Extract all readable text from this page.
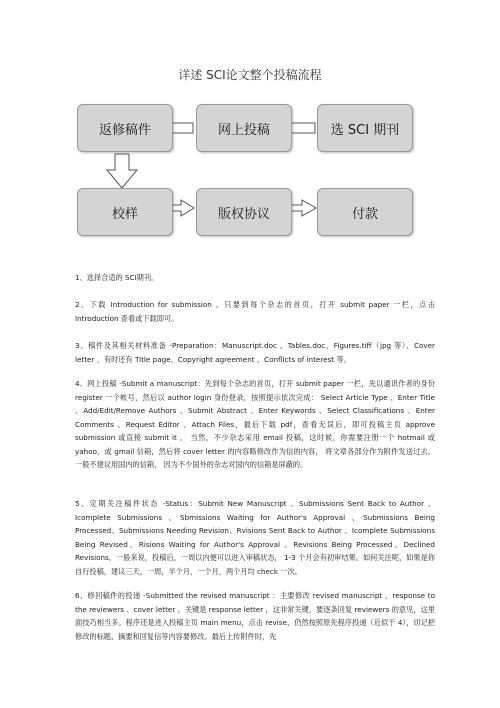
详述 SCI论文整个投稿流程
返修稿件	网上投稿	选 SCI 期刊
校样	版权协议	付款
1、选择合适的 SCI期刊。
2、下载 Introduction for submission 。只要到每个杂志的首页，打开 submit paper 一栏，点击 Introduction 查看或下载即可。
3、稿件及其相关材料准备 -Preparation：Manuscript.doc 、Tables.doc、Figures.tiff（jpg 等）、Cover letter ，有时还有 Title page、Copyright agreement 、Conflicts of interest 等。
4、网上投稿 -Submit a manuscript：先到每个杂志的首页，打开 submit paper 一栏，先以通讯作者的身份 register 一个帐号，然后以 author login 身份登录，按照提示依次完成： Select Article Type 、Enter Title 、Add/Edit/Remove Authors 、Submit Abstract 、Enter Keywords 、Select Classifications 、Enter Comments 、Request Editor 、Attach Files，最后下载 pdf，查看无误后，即可投稿主页 approve submission 或直接 submit it 。 当然，不少杂志采用 email 投稿，这时候，你需要注册一个 hotmail 或 yahoo，或 gmail 信箱，然后将 cover letter 的内容略修改作为信的内容， 将文章各部分作为附件发送过去。 一般不建议用国内的信箱， 因为不少国外的杂志对国内的信箱是屏蔽的。
5、定期关注稿件状态 -Status：Submit New Manuscript 、Submissions Sent Back to Author 、Icomplete Submissions 、Sbmissions Waiting for Author's Approval 、Submissions Being Processed、Submissions Needing Revision、Rvisions Sent Back to Author 、Icomplete Submissions Being Revised、Risions Waiting for Author's Approval 、Revisions Being Processed、Declined Revisions。一般来说，投稿后，一周以内便可以进入审稿状态， 1-3 个月会有初审结果。如何关注呢，如果是你自行投稿，建议三天，一周，半个月，一个月，两个月均 check 一次。
6、修回稿件的投递 -Submitted the revised manuscript ：主要修改 revised manuscript 、response to the reviewers 、cover letter ，关键是 response letter ，这非常关键，要逐条回复 reviewers 的意见，这里面技巧相当多。程序还是进入投稿主页 main menu，点击 revise，仍然按照原先程序投递（近似于 4），切记把修改的标题、摘要和回复信等内容要修改。最后上传附件时，先
